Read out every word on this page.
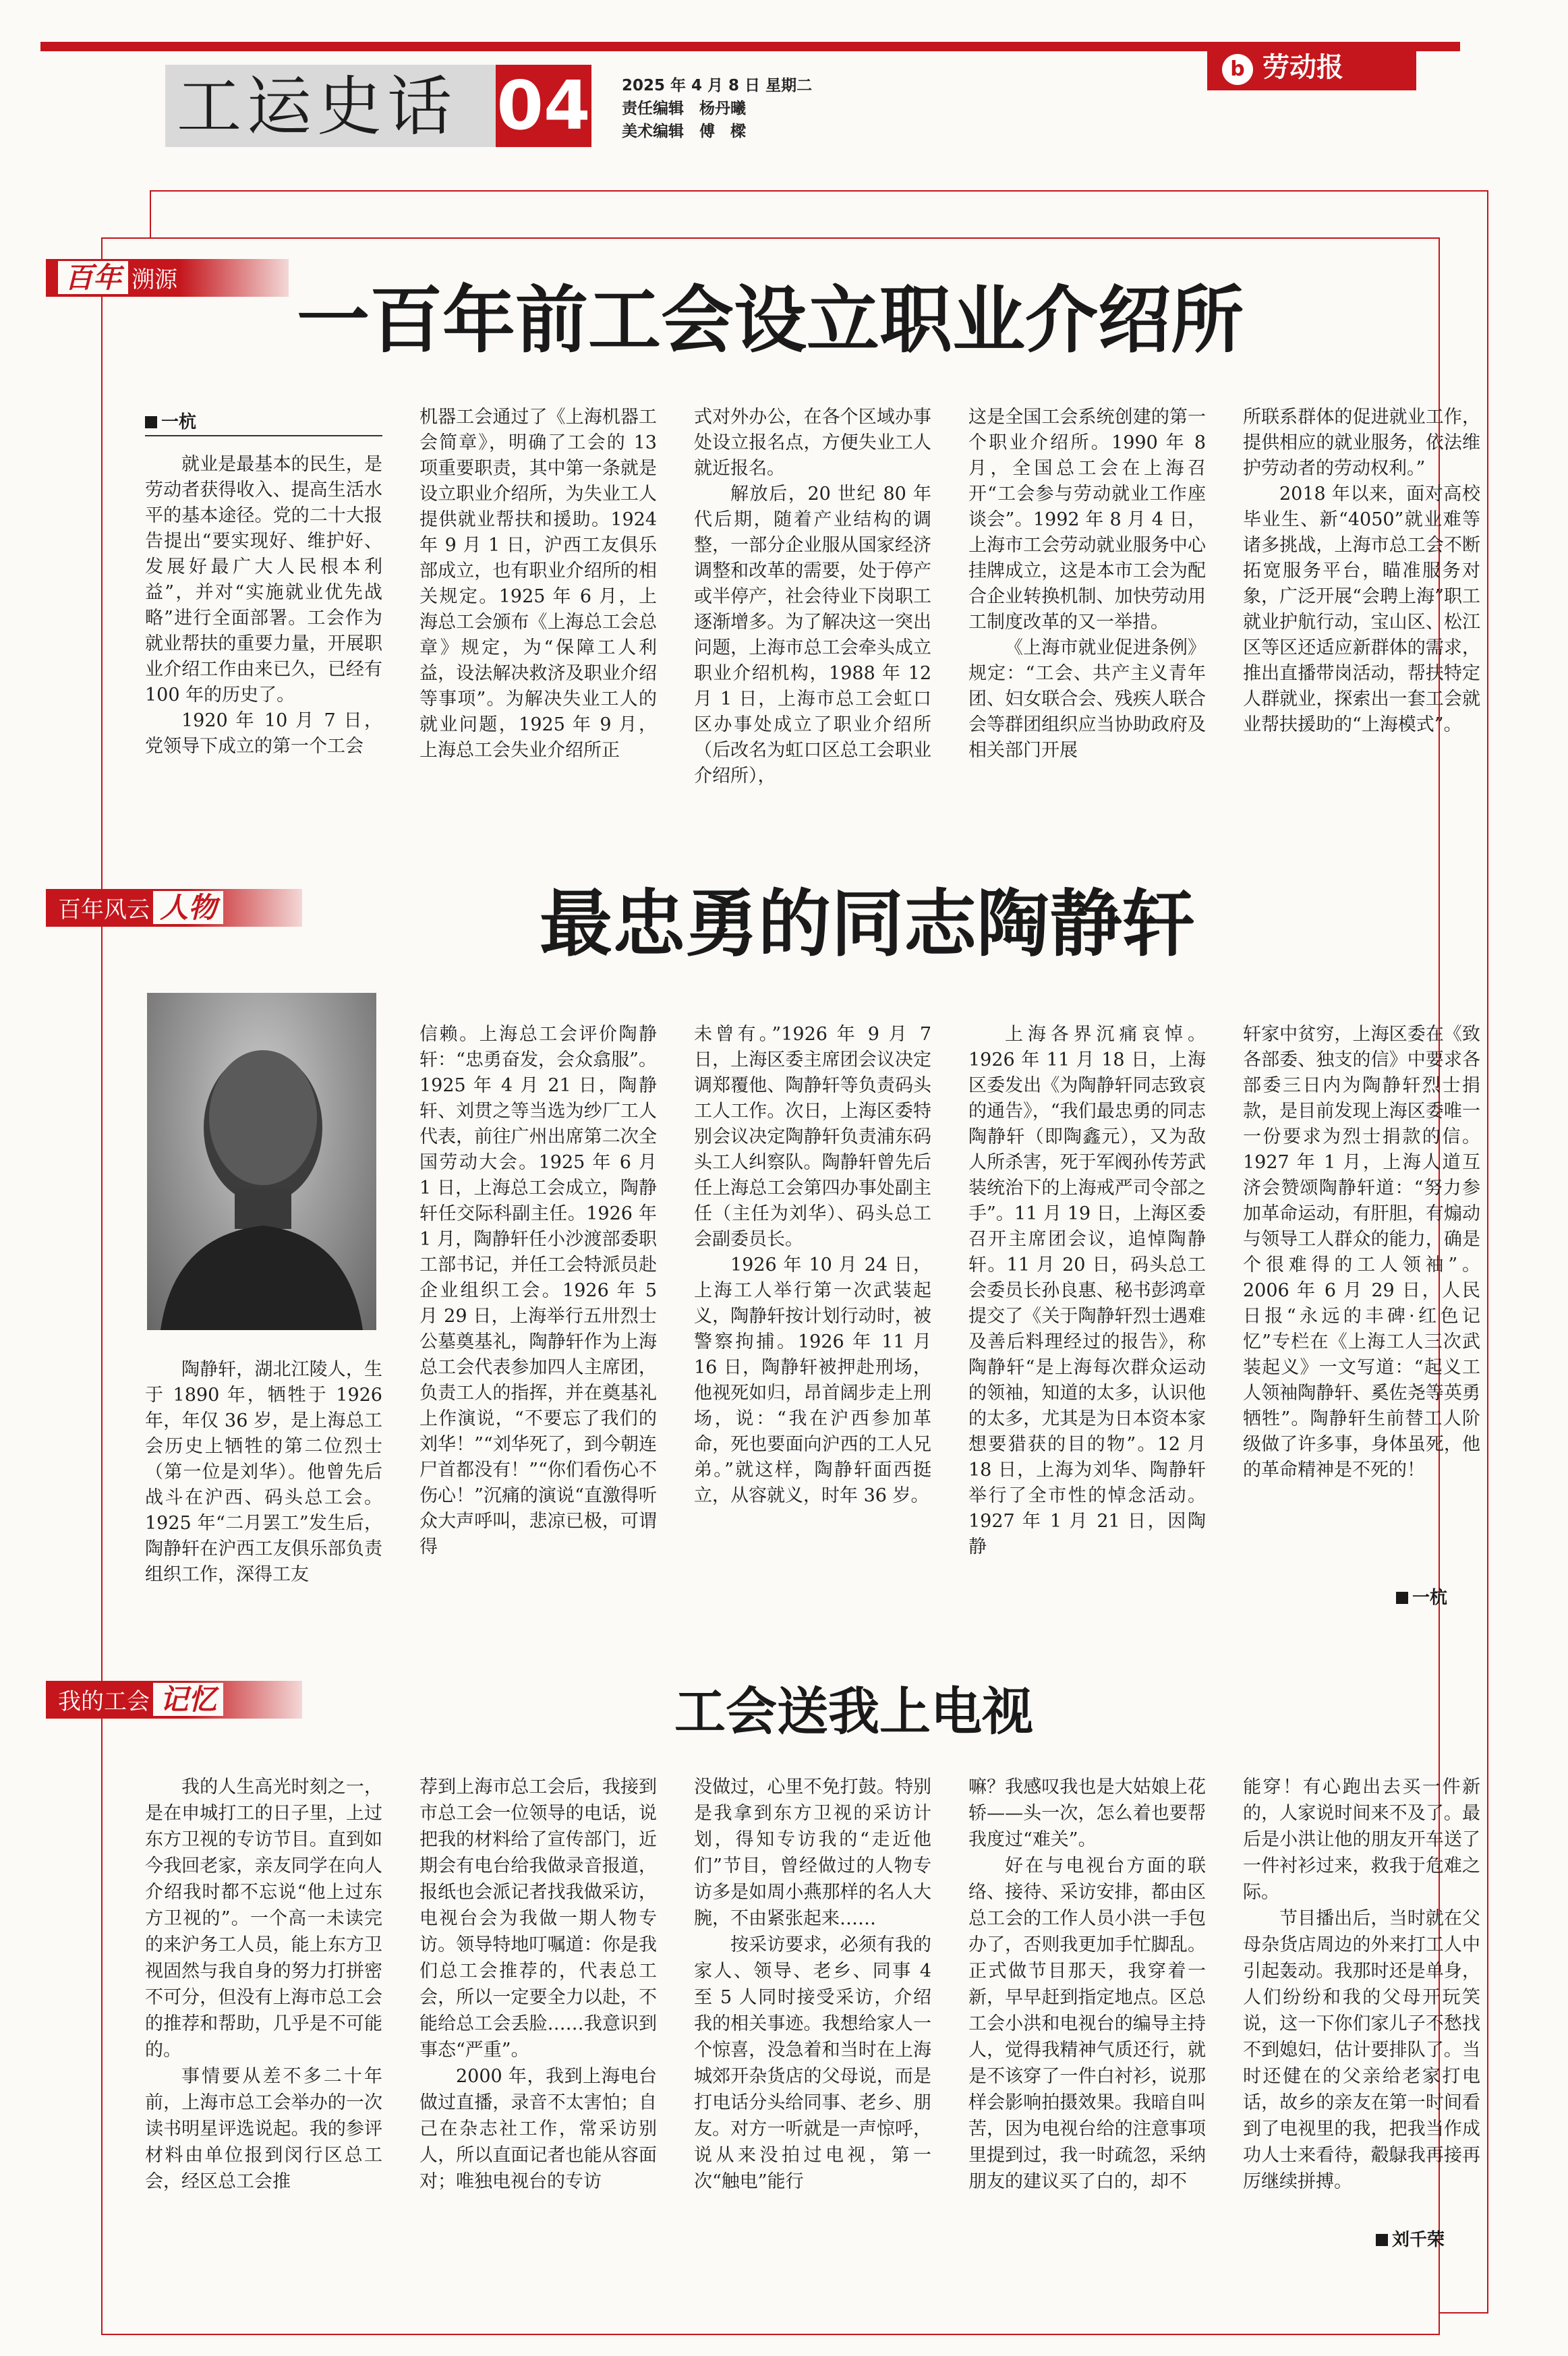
工运史话 04 2025 年 4 月 8 日 星期二
责任编辑　杨丹曦
美术编辑　傅　樑
b 劳动报
百年 溯源	一百年前工会设立职业介绍所
一杭

就业是最基本的民生，是劳动者获得收入、提高生活水平的基本途径。党的二十大报告提出“要实现好、维护好、发展好最广大人民根本利益”，并对“实施就业优先战略”进行全面部署。工会作为就业帮扶的重要力量，开展职业介绍工作由来已久，已经有 100 年的历史了。

1920 年 10 月 7 日，党领导下成立的第一个工会

机器工会通过了《上海机器工会简章》，明确了工会的 13 项重要职责，其中第一条就是设立职业介绍所，为失业工人提供就业帮扶和援助。1924 年 9 月 1 日，沪西工友俱乐部成立，也有职业介绍所的相关规定。1925 年 6 月，上海总工会颁布《上海总工会总章》规定，为“保障工人利益，设法解决救济及职业介绍等事项”。为解决失业工人的就业问题，1925 年 9 月，上海总工会失业介绍所正

式对外办公，在各个区域办事处设立报名点，方便失业工人就近报名。

解放后，20 世纪 80 年代后期，随着产业结构的调整，一部分企业服从国家经济调整和改革的需要，处于停产或半停产，社会待业下岗职工逐渐增多。为了解决这一突出问题，上海市总工会牵头成立职业介绍机构，1988 年 12 月 1 日，上海市总工会虹口区办事处成立了职业介绍所（后改名为虹口区总工会职业介绍所），

这是全国工会系统创建的第一个职业介绍所。1990 年 8 月，全国总工会在上海召开“工会参与劳动就业工作座谈会”。1992 年 8 月 4 日，上海市工会劳动就业服务中心挂牌成立，这是本市工会为配合企业转换机制、加快劳动用工制度改革的又一举措。

《上海市就业促进条例》规定：“工会、共产主义青年团、妇女联合会、残疾人联合会等群团组织应当协助政府及相关部门开展

所联系群体的促进就业工作，提供相应的就业服务，依法维护劳动者的劳动权利。”

2018 年以来，面对高校毕业生、新“4050”就业难等诸多挑战，上海市总工会不断拓宽服务平台，瞄准服务对象，广泛开展“会聘上海”职工就业护航行动，宝山区、松江区等区还适应新群体的需求，推出直播带岗活动，帮扶特定人群就业，探索出一套工会就业帮扶援助的“上海模式”。

百年风云 人物	最忠勇的同志陶静轩

陶静轩，湖北江陵人，生于 1890 年，牺牲于 1926 年，年仅 36 岁，是上海总工会历史上牺牲的第二位烈士（第一位是刘华）。他曾先后战斗在沪西、码头总工会。1925 年“二月罢工”发生后，陶静轩在沪西工友俱乐部负责组织工作，深得工友

信赖。上海总工会评价陶静轩：“忠勇奋发，会众翕服”。1925 年 4 月 21 日，陶静轩、刘贯之等当选为纱厂工人代表，前往广州出席第二次全国劳动大会。1925 年 6 月 1 日，上海总工会成立，陶静轩任交际科副主任。1926 年 1 月，陶静轩任小沙渡部委职工部书记，并任工会特派员赴企业组织工会。1926 年 5 月 29 日，上海举行五卅烈士公墓奠基礼，陶静轩作为上海总工会代表参加四人主席团，负责工人的指挥，并在奠基礼上作演说，“不要忘了我们的刘华！”“刘华死了，到今朝连尸首都没有！”“你们看伤心不伤心！”沉痛的演说“直激得听众大声呼叫，悲凉已极，可谓得

未曾有。”1926 年 9 月 7 日，上海区委主席团会议决定调郑覆他、陶静轩等负责码头工人工作。次日，上海区委特别会议决定陶静轩负责浦东码头工人纠察队。陶静轩曾先后任上海总工会第四办事处副主任（主任为刘华）、码头总工会副委员长。

1926 年 10 月 24 日，上海工人举行第一次武装起义，陶静轩按计划行动时，被警察拘捕。1926 年 11 月 16 日，陶静轩被押赴刑场，他视死如归，昂首阔步走上刑场，说：“我在沪西参加革命，死也要面向沪西的工人兄弟。”就这样，陶静轩面西挺立，从容就义，时年 36 岁。

上海各界沉痛哀悼。1926 年 11 月 18 日，上海区委发出《为陶静轩同志致哀的通告》，“我们最忠勇的同志陶静轩（即陶鑫元），又为敌人所杀害，死于军阀孙传芳武装统治下的上海戒严司令部之手”。11 月 19 日，上海区委召开主席团会议，追悼陶静轩。11 月 20 日，码头总工会委员长孙良惠、秘书彭鸿章提交了《关于陶静轩烈士遇难及善后料理经过的报告》，称陶静轩“是上海每次群众运动的领袖，知道的太多，认识他的太多，尤其是为日本资本家想要猎获的目的物”。12 月 18 日，上海为刘华、陶静轩举行了全市性的悼念活动。1927 年 1 月 21 日，因陶静

轩家中贫穷，上海区委在《致各部委、独支的信》中要求各部委三日内为陶静轩烈士捐款，是目前发现上海区委唯一一份要求为烈士捐款的信。1927 年 1 月，上海人道互济会赞颂陶静轩道：“努力参加革命运动，有肝胆，有煽动与领导工人群众的能力，确是个很难得的工人领袖”。2006 年 6 月 29 日，人民日报“永远的丰碑·红色记忆”专栏在《上海工人三次武装起义》一文写道：“起义工人领袖陶静轩、奚佐尧等英勇牺牲”。陶静轩生前替工人阶级做了许多事，身体虽死，他的革命精神是不死的！

一杭
我的工会 记忆	工会送我上电视

我的人生高光时刻之一，是在申城打工的日子里，上过东方卫视的专访节目。直到如今我回老家，亲友同学在向人介绍我时都不忘说“他上过东方卫视的”。一个高一未读完的来沪务工人员，能上东方卫视固然与我自身的努力打拼密不可分，但没有上海市总工会的推荐和帮助，几乎是不可能的。

事情要从差不多二十年前，上海市总工会举办的一次读书明星评选说起。我的参评材料由单位报到闵行区总工会，经区总工会推

荐到上海市总工会后，我接到市总工会一位领导的电话，说把我的材料给了宣传部门，近期会有电台给我做录音报道，报纸也会派记者找我做采访，电视台会为我做一期人物专访。领导特地叮嘱道：你是我们总工会推荐的，代表总工会，所以一定要全力以赴，不能给总工会丢脸……我意识到事态“严重”。

2000 年，我到上海电台做过直播，录音不太害怕；自己在杂志社工作，常采访别人，所以直面记者也能从容面对；唯独电视台的专访

没做过，心里不免打鼓。特别是我拿到东方卫视的采访计划，得知专访我的“走近他们”节目，曾经做过的人物专访多是如周小燕那样的名人大腕，不由紧张起来……

按采访要求，必须有我的家人、领导、老乡、同事 4 至 5 人同时接受采访，介绍我的相关事迹。我想给家人一个惊喜，没急着和当时在上海城郊开杂货店的父母说，而是打电话分头给同事、老乡、朋友。对方一听就是一声惊呼，说从来没拍过电视，第一次“触电”能行

嘛？我感叹我也是大姑娘上花轿——头一次，怎么着也要帮我度过“难关”。

好在与电视台方面的联络、接待、采访安排，都由区总工会的工作人员小洪一手包办了，否则我更加手忙脚乱。正式做节目那天，我穿着一新，早早赶到指定地点。区总工会小洪和电视台的编导主持人，觉得我精神气质还行，就是不该穿了一件白衬衫，说那样会影响拍摄效果。我暗自叫苦，因为电视台给的注意事项里提到过，我一时疏忽，采纳朋友的建议买了白的，却不

能穿！有心跑出去买一件新的，人家说时间来不及了。最后是小洪让他的朋友开车送了一件衬衫过来，救我于危难之际。

节目播出后，当时就在父母杂货店周边的外来打工人中引起轰动。我那时还是单身，人们纷纷和我的父母开玩笑说，这一下你们家儿子不愁找不到媳妇，估计要排队了。当时还健在的父亲给老家打电话，故乡的亲友在第一时间看到了电视里的我，把我当作成功人士来看待，觳鵦我再接再厉继续拼搏。

刘千荣
